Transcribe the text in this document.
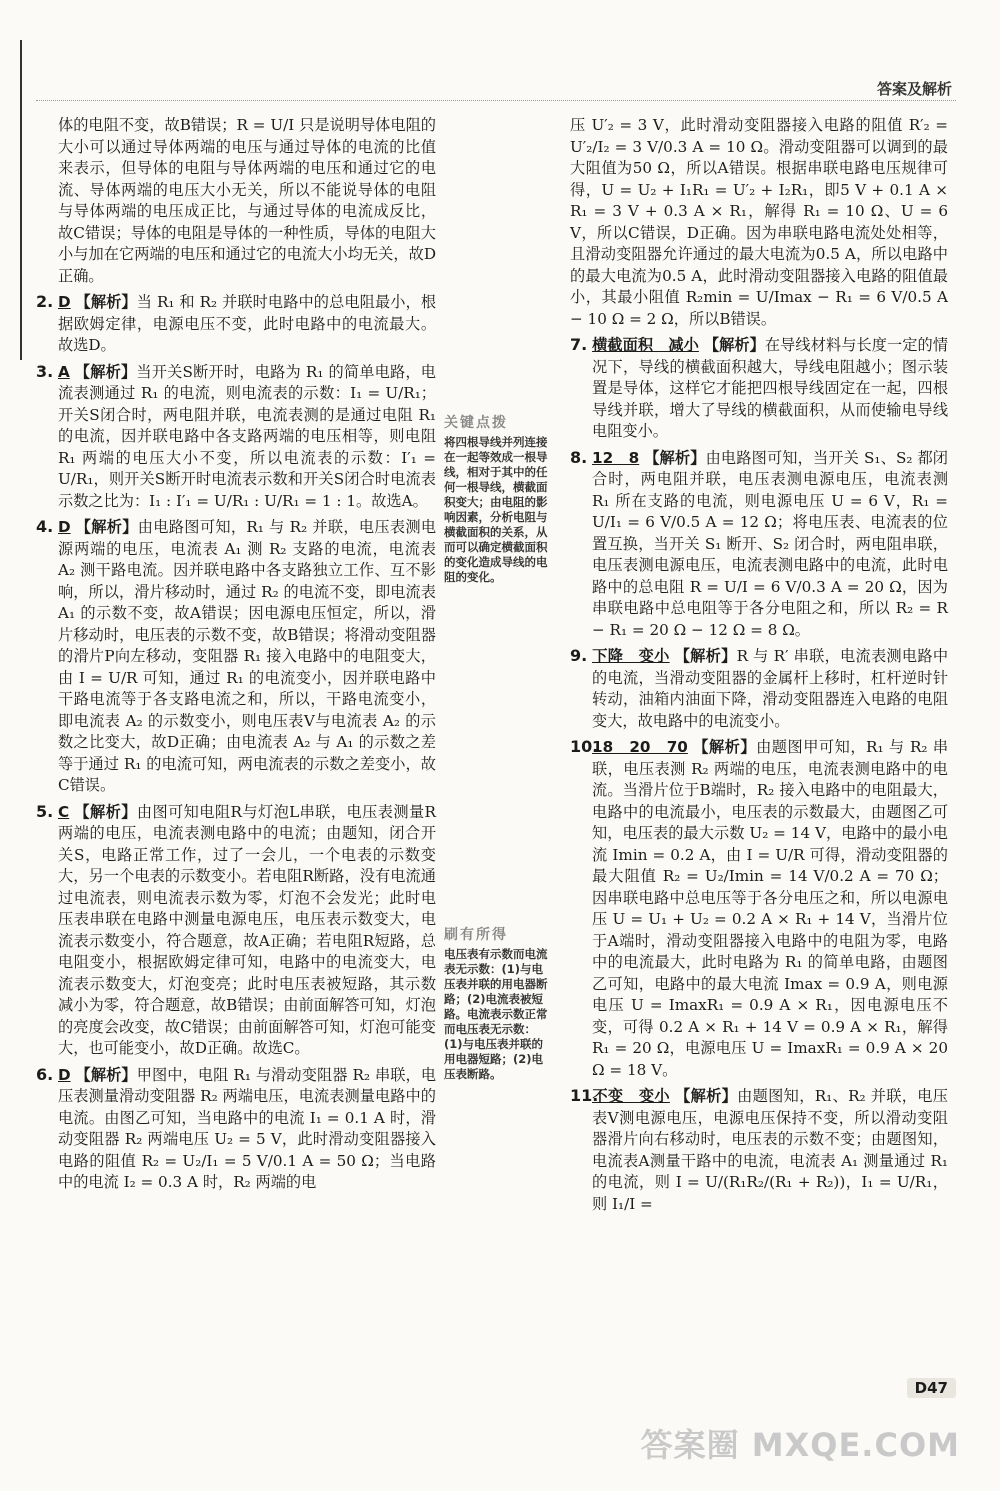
答案及解析

体的电阻不变，故B错误；R = U/I 只是说明导体电阻的大小可以通过导体两端的电压与通过导体的电流的比值来表示，但导体的电阻与导体两端的电压和通过它的电流、导体两端的电压大小无关，所以不能说导体的电阻与导体两端的电压成正比，与通过导体的电流成反比，故C错误；导体的电阻是导体的一种性质，导体的电阻大小与加在它两端的电压和通过它的电流大小均无关，故D正确。

2. D 【解析】当 R₁ 和 R₂ 并联时电路中的总电阻最小，根据欧姆定律，电源电压不变，此时电路中的电流最大。故选D。

3. A 【解析】当开关S断开时，电路为 R₁ 的简单电路，电流表测通过 R₁ 的电流，则电流表的示数：I₁ = U/R₁；开关S闭合时，两电阻并联，电流表测的是通过电阻 R₁ 的电流，因并联电路中各支路两端的电压相等，则电阻 R₁ 两端的电压大小不变，所以电流表的示数：I′₁ = U/R₁，则开关S断开时电流表示数和开关S闭合时电流表示数之比为：I₁ : I′₁ = U/R₁ : U/R₁ = 1 : 1。故选A。

4. D 【解析】由电路图可知，R₁ 与 R₂ 并联，电压表测电源两端的电压，电流表 A₁ 测 R₂ 支路的电流，电流表 A₂ 测干路电流。因并联电路中各支路独立工作、互不影响，所以，滑片移动时，通过 R₂ 的电流不变，即电流表 A₁ 的示数不变，故A错误；因电源电压恒定，所以，滑片移动时，电压表的示数不变，故B错误；将滑动变阻器的滑片P向左移动，变阻器 R₁ 接入电路中的电阻变大，由 I = U/R 可知，通过 R₁ 的电流变小，因并联电路中干路电流等于各支路电流之和，所以，干路电流变小，即电流表 A₂ 的示数变小，则电压表V与电流表 A₂ 的示数之比变大，故D正确；由电流表 A₂ 与 A₁ 的示数之差等于通过 R₁ 的电流可知，两电流表的示数之差变小，故C错误。

5. C 【解析】由图可知电阻R与灯泡L串联，电压表测量R两端的电压，电流表测电路中的电流；由题知，闭合开关S，电路正常工作，过了一会儿，一个电表的示数变大，另一个电表的示数变小。若电阻R断路，没有电流通过电流表，则电流表示数为零，灯泡不会发光；此时电压表串联在电路中测量电源电压，电压表示数变大，电流表示数变小，符合题意，故A正确；若电阻R短路，总电阻变小，根据欧姆定律可知，电路中的电流变大，电流表示数变大，灯泡变亮；此时电压表被短路，其示数减小为零，符合题意，故B错误；由前面解答可知，灯泡的亮度会改变，故C错误；由前面解答可知，灯泡可能变大，也可能变小，故D正确。故选C。

6. D 【解析】甲图中，电阻 R₁ 与滑动变阻器 R₂ 串联，电压表测量滑动变阻器 R₂ 两端电压，电流表测量电路中的电流。由图乙可知，当电路中的电流 I₁ = 0.1 A 时，滑动变阻器 R₂ 两端电压 U₂ = 5 V，此时滑动变阻器接入电路的阻值 R₂ = U₂/I₁ = 5 V/0.1 A = 50 Ω；当电路中的电流 I₂ = 0.3 A 时，R₂ 两端的电

关键点拨
将四根导线并列连接在一起等效成一根导线，相对于其中的任何一根导线，横截面积变大；由电阻的影响因素，分析电阻与横截面积的关系，从而可以确定横截面积的变化造成导线的电阻的变化。
刷有所得
电压表有示数而电流表无示数：(1)与电压表并联的用电器断路；(2)电流表被短路。电流表示数正常而电压表无示数：(1)与电压表并联的用电器短路；(2)电压表断路。

压 U′₂ = 3 V，此时滑动变阻器接入电路的阻值 R′₂ = U′₂/I₂ = 3 V/0.3 A = 10 Ω。滑动变阻器可以调到的最大阻值为50 Ω，所以A错误。根据串联电路电压规律可得，U = U₂ + I₁R₁ = U′₂ + I₂R₁，即5 V + 0.1 A × R₁ = 3 V + 0.3 A × R₁，解得 R₁ = 10 Ω、U = 6 V，所以C错误，D正确。因为串联电路电流处处相等，且滑动变阻器允许通过的最大电流为0.5 A，所以电路中的最大电流为0.5 A，此时滑动变阻器接入电路的阻值最小，其最小阻值 R₂min = U/Imax − R₁ = 6 V/0.5 A − 10 Ω = 2 Ω，所以B错误。

7. 横截面积　减小 【解析】在导线材料与长度一定的情况下，导线的横截面积越大，导线电阻越小；图示装置是导体，这样它才能把四根导线固定在一起，四根导线并联，增大了导线的横截面积，从而使输电导线电阻变小。

8. 12　8 【解析】由电路图可知，当开关 S₁、S₂ 都闭合时，两电阻并联，电压表测电源电压，电流表测 R₁ 所在支路的电流，则电源电压 U = 6 V，R₁ = U/I₁ = 6 V/0.5 A = 12 Ω；将电压表、电流表的位置互换，当开关 S₁ 断开、S₂ 闭合时，两电阻串联，电压表测电源电压，电流表测电路中的电流，此时电路中的总电阻 R = U/I = 6 V/0.3 A = 20 Ω，因为串联电路中总电阻等于各分电阻之和，所以 R₂ = R − R₁ = 20 Ω − 12 Ω = 8 Ω。

9. 下降　变小 【解析】R 与 R′ 串联，电流表测电路中的电流，当滑动变阻器的金属杆上移时，杠杆逆时针转动，油箱内油面下降，滑动变阻器连入电路的电阻变大，故电路中的电流变小。

10.18　20　70 【解析】由题图甲可知，R₁ 与 R₂ 串联，电压表测 R₂ 两端的电压，电流表测电路中的电流。当滑片位于B端时，R₂ 接入电路中的电阻最大，电路中的电流最小，电压表的示数最大，由题图乙可知，电压表的最大示数 U₂ = 14 V，电路中的最小电流 Imin = 0.2 A，由 I = U/R 可得，滑动变阻器的最大阻值 R₂ = U₂/Imin = 14 V/0.2 A = 70 Ω；因串联电路中总电压等于各分电压之和，所以电源电压 U = U₁ + U₂ = 0.2 A × R₁ + 14 V，当滑片位于A端时，滑动变阻器接入电路中的电阻为零，电路中的电流最大，此时电路为 R₁ 的简单电路，由题图乙可知，电路中的最大电流 Imax = 0.9 A，则电源电压 U = ImaxR₁ = 0.9 A × R₁，因电源电压不变，可得 0.2 A × R₁ + 14 V = 0.9 A × R₁，解得 R₁ = 20 Ω，电源电压 U = ImaxR₁ = 0.9 A × 20 Ω = 18 V。

11.不变　变小 【解析】由题图知，R₁、R₂ 并联，电压表V测电源电压，电源电压保持不变，所以滑动变阻器滑片向右移动时，电压表的示数不变；由题图知，电流表A测量干路中的电流，电流表 A₁ 测量通过 R₁ 的电流，则 I = U/(R₁R₂/(R₁ + R₂))，I₁ = U/R₁，则 I₁/I =

D47
答案圈 MXQE.COM
